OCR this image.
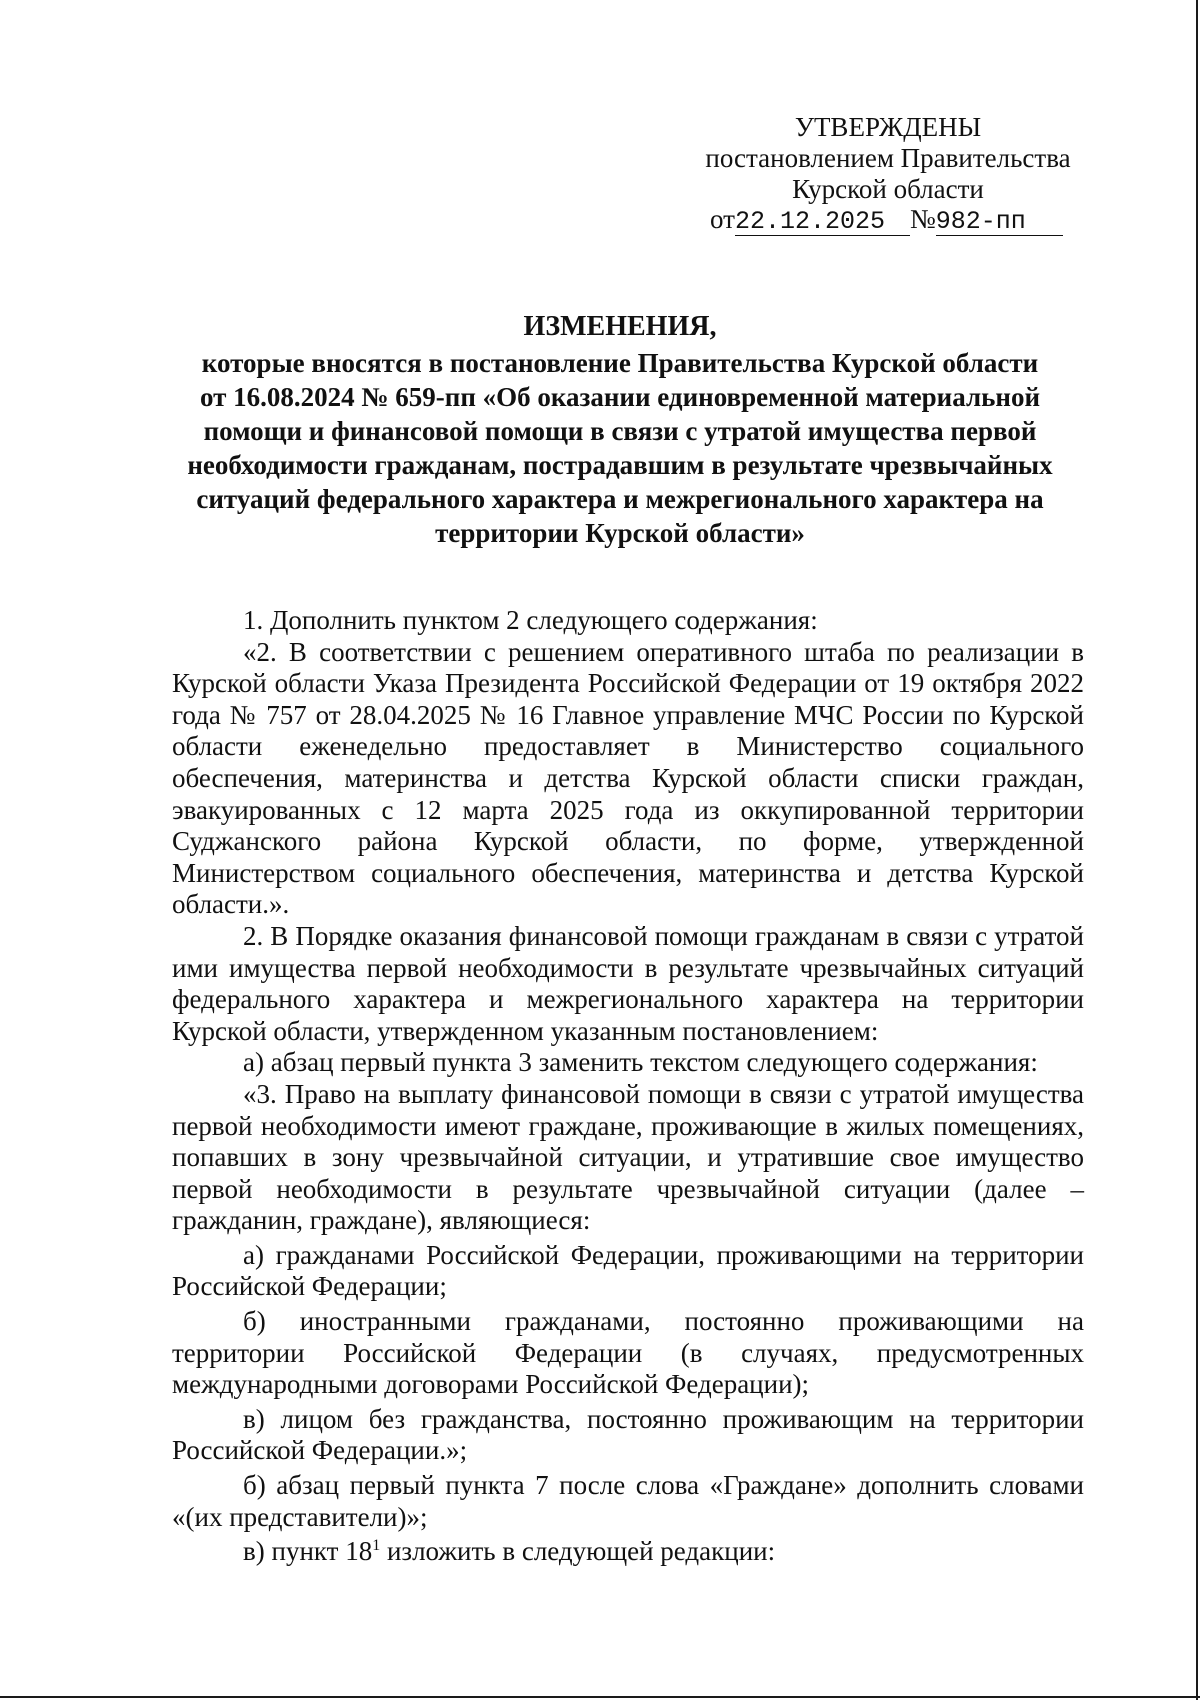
УТВЕРЖДЕНЫ
постановлением Правительства
Курской области
от22.12.2025 №982-пп
ИЗМЕНЕНИЯ,
которые вносятся в постановление Правительства Курской области
от 16.08.2024 № 659-пп «Об оказании единовременной материальной
помощи и финансовой помощи в связи с утратой имущества первой
необходимости гражданам, пострадавшим в результате чрезвычайных
ситуаций федерального характера и межрегионального характера на
территории Курской области»

1. Дополнить пунктом 2 следующего содержания:

«2. В соответствии с решением оперативного штаба по реализации в Курской области Указа Президента Российской Федерации от 19 октября 2022 года № 757 от 28.04.2025 № 16 Главное управление МЧС России по Курской области еженедельно предоставляет в Министерство социального обеспечения, материнства и детства Курской области списки граждан, эвакуированных с 12 марта 2025 года из оккупированной территории Суджанского района Курской области, по форме, утвержденной Министерством социального обеспечения, материнства и детства Курской области.».

2. В Порядке оказания финансовой помощи гражданам в связи с утратой ими имущества первой необходимости в результате чрезвычайных ситуаций федерального характера и межрегионального характера на территории Курской области, утвержденном указанным постановлением:

а) абзац первый пункта 3 заменить текстом следующего содержания:

«3. Право на выплату финансовой помощи в связи с утратой имущества первой необходимости имеют граждане, проживающие в жилых помещениях, попавших в зону чрезвычайной ситуации, и утратившие свое имущество первой необходимости в результате чрезвычайной ситуации (далее – гражданин, граждане), являющиеся:

а) гражданами Российской Федерации, проживающими на территории Российской Федерации;

б) иностранными гражданами, постоянно проживающими на территории Российской Федерации (в случаях, предусмотренных международными договорами Российской Федерации);

в) лицом без гражданства, постоянно проживающим на территории Российской Федерации.»;

б) абзац первый пункта 7 после слова «Граждане» дополнить словами «(их представители)»;

в) пункт $18^1$ изложить в следующей редакции:
